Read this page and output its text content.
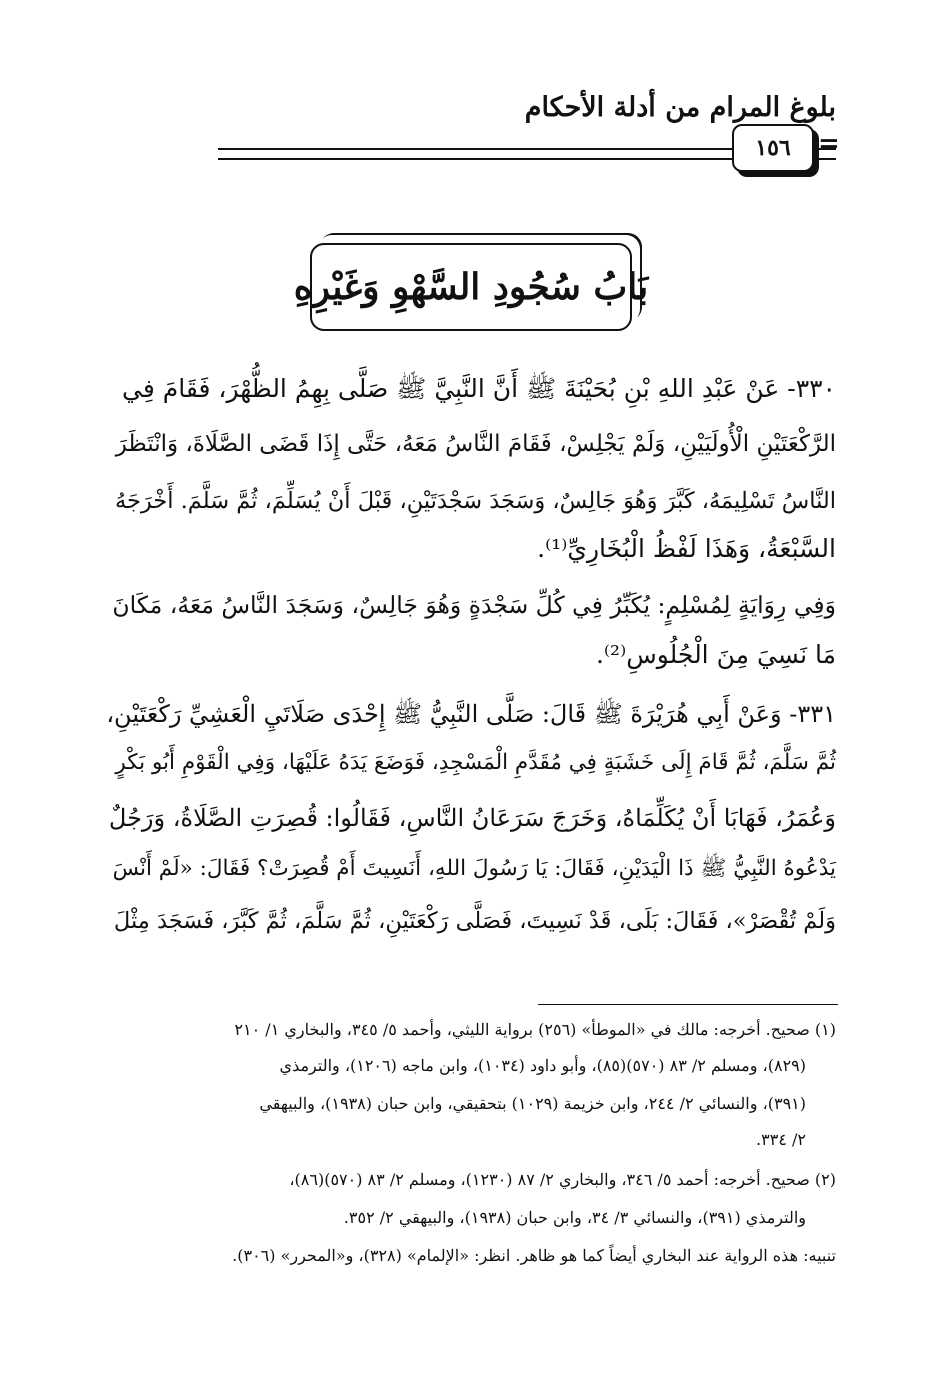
بلوغ المرام من أدلة الأحكام
١٥٦ =
بَابُ سُجُودِ السَّهْوِ وَغَيْرِهِ
٣٣٠- عَنْ عَبْدِ اللهِ بْنِ بُحَيْنَةَ ﷺ أَنَّ النَّبِيَّ ﷺ صَلَّى بِهِمُ الظُّهْرَ، فَقَامَ فِي
الرَّكْعَتَيْنِ الْأُولَيَيْنِ، وَلَمْ يَجْلِسْ، فَقَامَ النَّاسُ مَعَهُ، حَتَّى إِذَا قَضَى الصَّلَاةَ، وَانْتَظَرَ
النَّاسُ تَسْلِيمَهُ، كَبَّرَ وَهُوَ جَالِسٌ، وَسَجَدَ سَجْدَتَيْنِ، قَبْلَ أَنْ يُسَلِّمَ، ثُمَّ سَلَّمَ. أَخْرَجَهُ
السَّبْعَةُ، وَهَذَا لَفْظُ الْبُخَارِيِّ⁽¹⁾.
وَفِي رِوَايَةٍ لِمُسْلِمٍ: يُكَبِّرُ فِي كُلِّ سَجْدَةٍ وَهُوَ جَالِسٌ، وَسَجَدَ النَّاسُ مَعَهُ، مَكَانَ
مَا نَسِيَ مِنَ الْجُلُوسِ⁽²⁾.
٣٣١- وَعَنْ أَبِي هُرَيْرَةَ ﷺ قَالَ: صَلَّى النَّبِيُّ ﷺ إِحْدَى صَلَاتَيِ الْعَشِيِّ رَكْعَتَيْنِ،
ثُمَّ سَلَّمَ، ثُمَّ قَامَ إِلَى خَشَبَةٍ فِي مُقَدَّمِ الْمَسْجِدِ، فَوَضَعَ يَدَهُ عَلَيْهَا، وَفِي الْقَوْمِ أَبُو بَكْرٍ
وَعُمَرُ، فَهَابَا أَنْ يُكَلِّمَاهُ، وَخَرَجَ سَرَعَانُ النَّاسِ، فَقَالُوا: قُصِرَتِ الصَّلَاةُ، وَرَجُلٌ
يَدْعُوهُ النَّبِيُّ ﷺ ذَا الْيَدَيْنِ، فَقَالَ: يَا رَسُولَ اللهِ، أَنَسِيتَ أَمْ قُصِرَتْ؟ فَقَالَ: «لَمْ أَنْسَ
وَلَمْ تُقْصَرْ»، فَقَالَ: بَلَى، قَدْ نَسِيتَ، فَصَلَّى رَكْعَتَيْنِ، ثُمَّ سَلَّمَ، ثُمَّ كَبَّرَ، فَسَجَدَ مِثْلَ
(١) صحيح. أخرجه: مالك في «الموطأ» (٢٥٦) برواية الليثي، وأحمد ٥/ ٣٤٥، والبخاري ١/ ٢١٠
(٨٢٩)، ومسلم ٢/ ٨٣ (٥٧٠)(٨٥)، وأبو داود (١٠٣٤)، وابن ماجه (١٢٠٦)، والترمذي
(٣٩١)، والنسائي ٢/ ٢٤٤، وابن خزيمة (١٠٢٩) بتحقيقي، وابن حبان (١٩٣٨)، والبيهقي
٢/ ٣٣٤.
(٢) صحيح. أخرجه: أحمد ٥/ ٣٤٦، والبخاري ٢/ ٨٧ (١٢٣٠)، ومسلم ٢/ ٨٣ (٥٧٠)(٨٦)،
والترمذي (٣٩١)، والنسائي ٣/ ٣٤، وابن حبان (١٩٣٨)، والبيهقي ٢/ ٣٥٢.
تنبيه: هذه الرواية عند البخاري أيضاً كما هو ظاهر. انظر: «الإلمام» (٣٢٨)، و«المحرر» (٣٠٦).
